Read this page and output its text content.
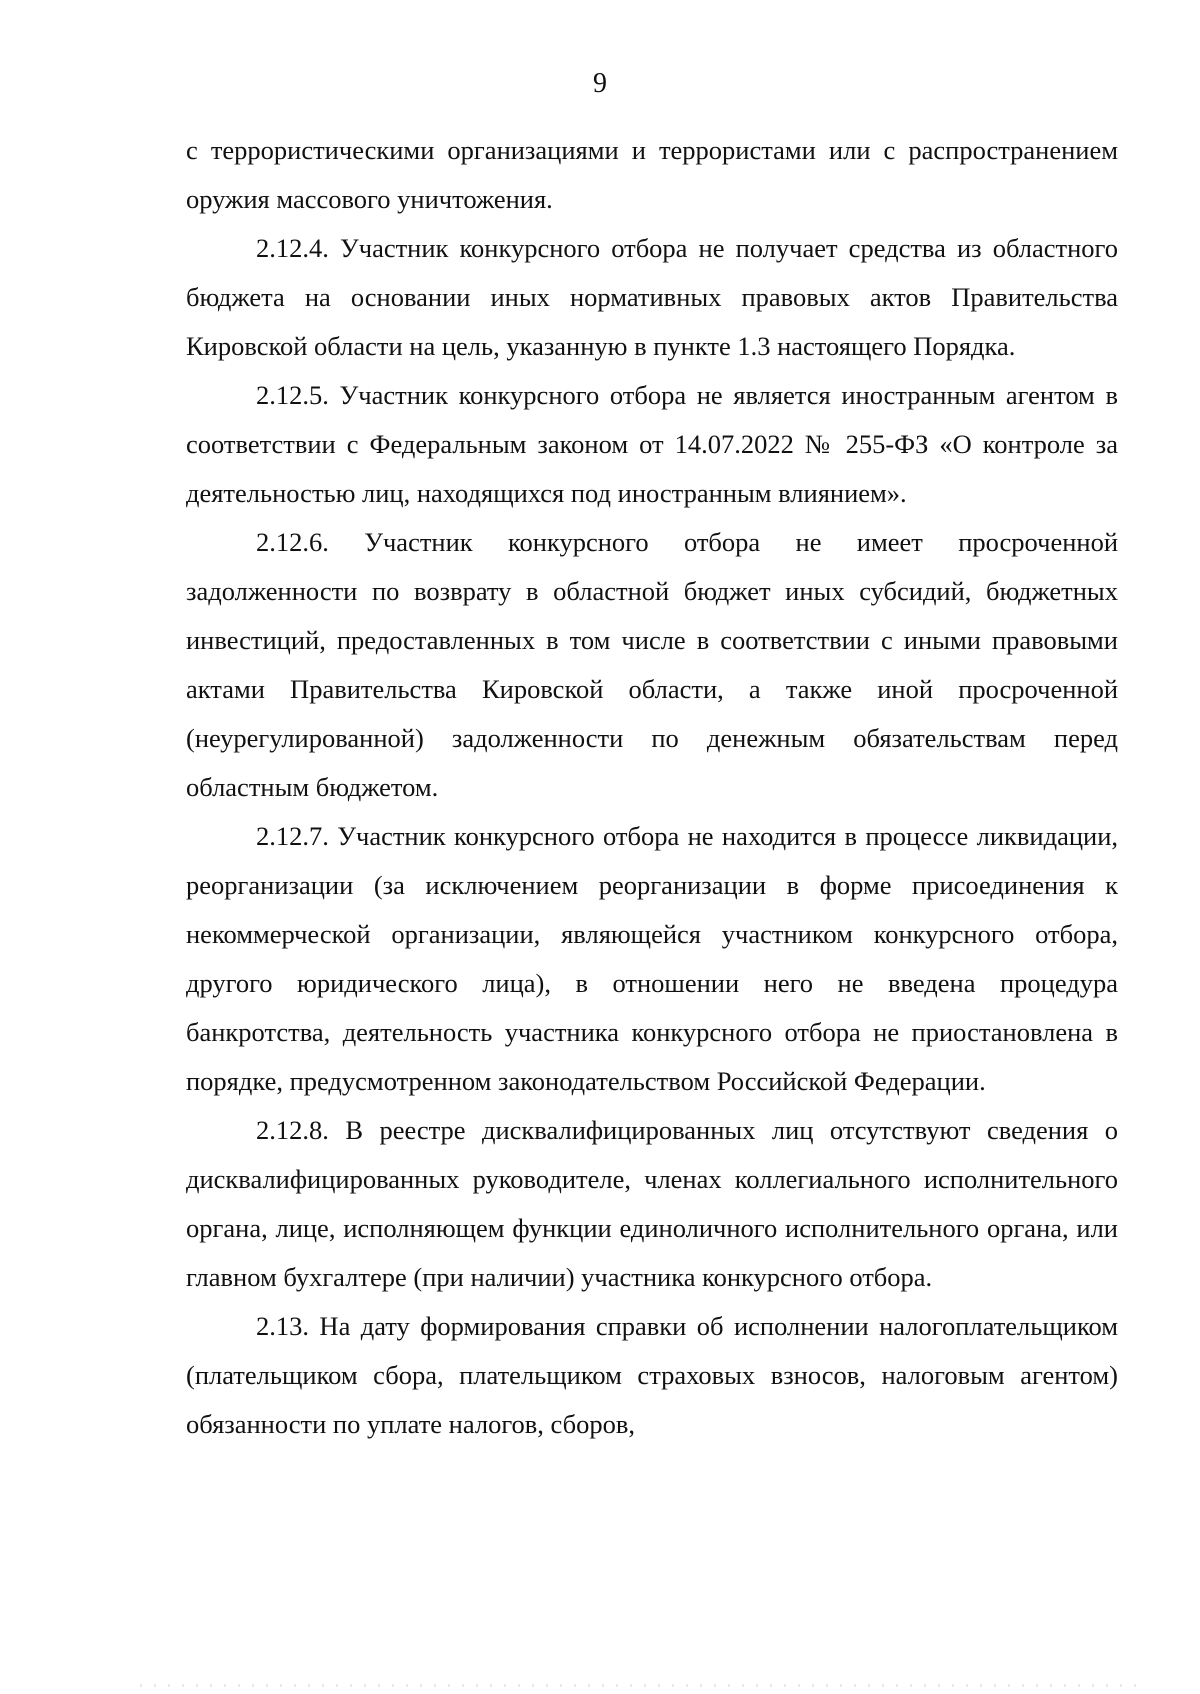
9

с террористическими организациями и террористами или с распространением оружия массового уничтожения.

2.12.4. Участник конкурсного отбора не получает средства из областного бюджета на основании иных нормативных правовых актов Правительства Кировской области на цель, указанную в пункте 1.3 настоящего Порядка.

2.12.5. Участник конкурсного отбора не является иностранным агентом в соответствии с Федеральным законом от 14.07.2022 № 255-ФЗ «О контроле за деятельностью лиц, находящихся под иностранным влиянием».

2.12.6. Участник конкурсного отбора не имеет просроченной задолженности по возврату в областной бюджет иных субсидий, бюджетных инвестиций, предоставленных в том числе в соответствии с иными правовыми актами Правительства Кировской области, а также иной просроченной (неурегулированной) задолженности по денежным обязательствам перед областным бюджетом.

2.12.7. Участник конкурсного отбора не находится в процессе ликвидации, реорганизации (за исключением реорганизации в форме присоединения к некоммерческой организации, являющейся участником конкурсного отбора, другого юридического лица), в отношении него не введена процедура банкротства, деятельность участника конкурсного отбора не приостановлена в порядке, предусмотренном законодательством Российской Федерации.

2.12.8. В реестре дисквалифицированных лиц отсутствуют сведения о дисквалифицированных руководителе, членах коллегиального исполнительного органа, лице, исполняющем функции единоличного исполнительного органа, или главном бухгалтере (при наличии) участника конкурсного отбора.

2.13. На дату формирования справки об исполнении налогоплательщиком (плательщиком сбора, плательщиком страховых взносов, налоговым агентом) обязанности по уплате налогов, сборов,
